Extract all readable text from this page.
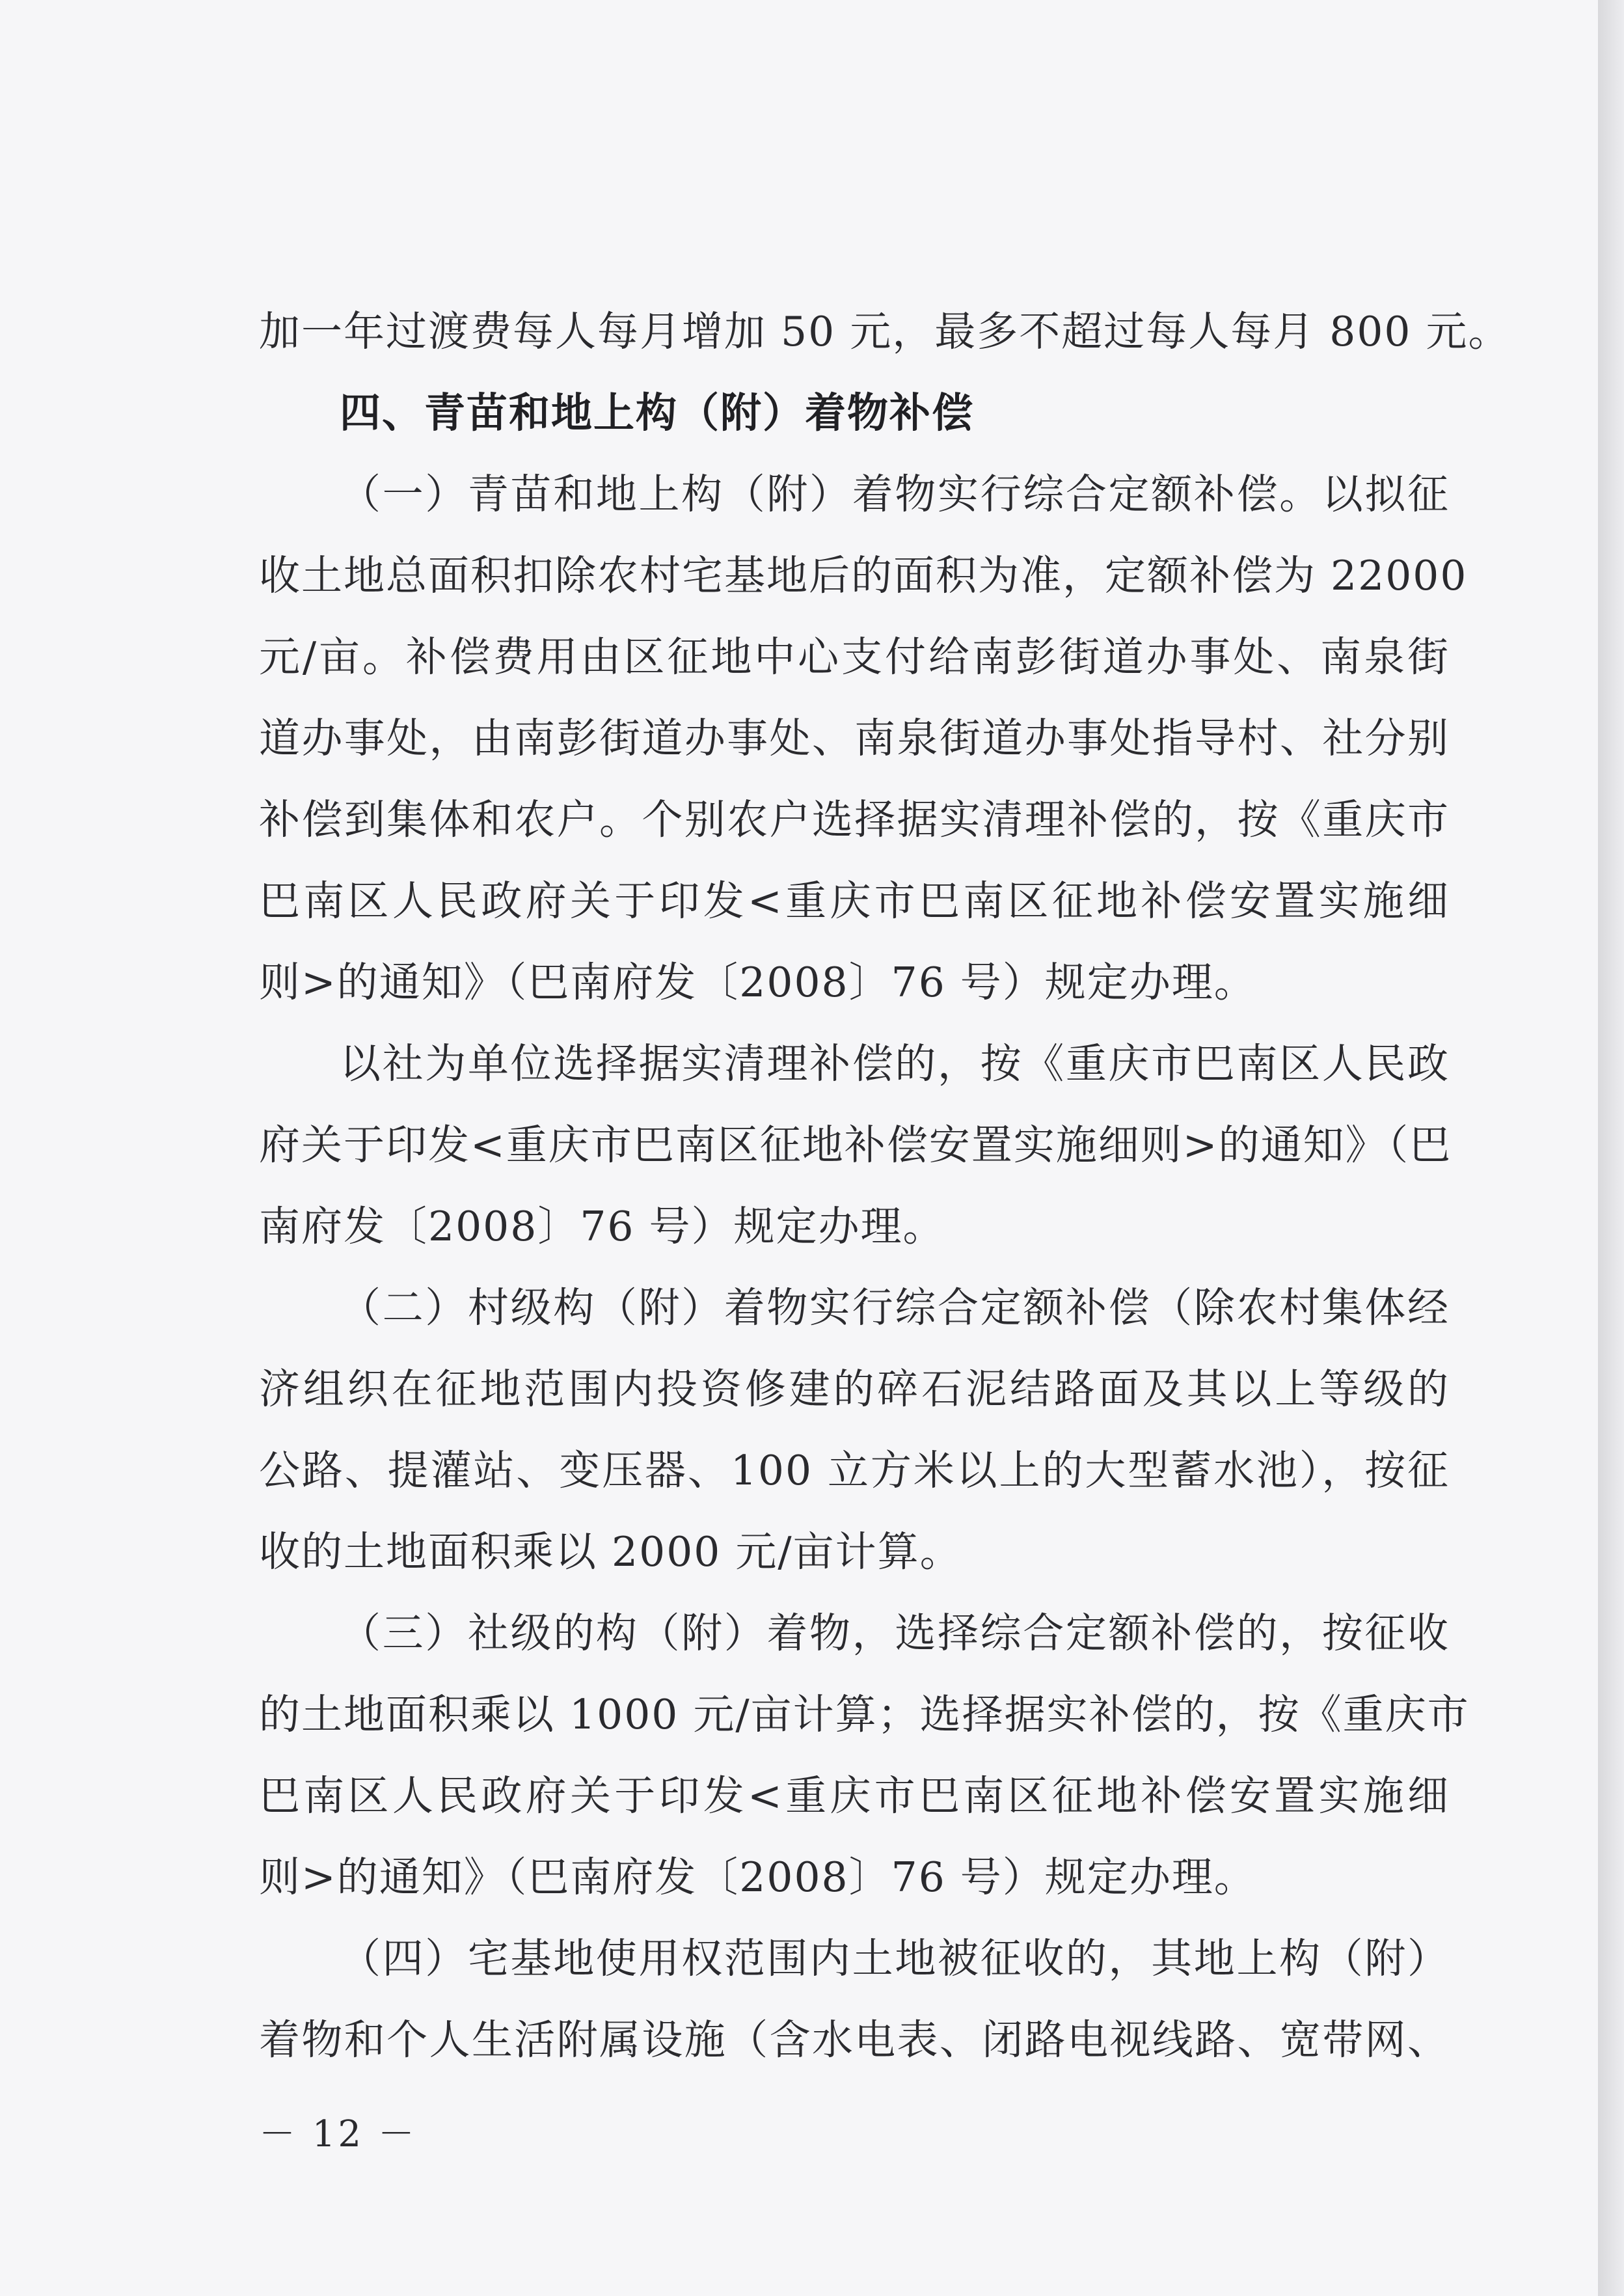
加一年过渡费每人每月增加 50 元，最多不超过每人每月 800 元。
四、青苗和地上构（附）着物补偿
（一）青苗和地上构（附）着物实行综合定额补偿。以拟征
收土地总面积扣除农村宅基地后的面积为准，定额补偿为 22000
元/亩。补偿费用由区征地中心支付给南彭街道办事处、南泉街
道办事处，由南彭街道办事处、南泉街道办事处指导村、社分别
补偿到集体和农户。个别农户选择据实清理补偿的，按《重庆市
巴南区人民政府关于印发<重庆市巴南区征地补偿安置实施细
则>的通知》（巴南府发〔2008〕76 号）规定办理。
以社为单位选择据实清理补偿的，按《重庆市巴南区人民政
府关于印发<重庆市巴南区征地补偿安置实施细则>的通知》（巴
南府发〔2008〕76 号）规定办理。
（二）村级构（附）着物实行综合定额补偿（除农村集体经
济组织在征地范围内投资修建的碎石泥结路面及其以上等级的
公路、提灌站、变压器、100 立方米以上的大型蓄水池），按征
收的土地面积乘以 2000 元/亩计算。
（三）社级的构（附）着物，选择综合定额补偿的，按征收
的土地面积乘以 1000 元/亩计算；选择据实补偿的，按《重庆市
巴南区人民政府关于印发<重庆市巴南区征地补偿安置实施细
则>的通知》（巴南府发〔2008〕76 号）规定办理。
（四）宅基地使用权范围内土地被征收的，其地上构（附）
着物和个人生活附属设施（含水电表、闭路电视线路、宽带网、
－ 12 －
